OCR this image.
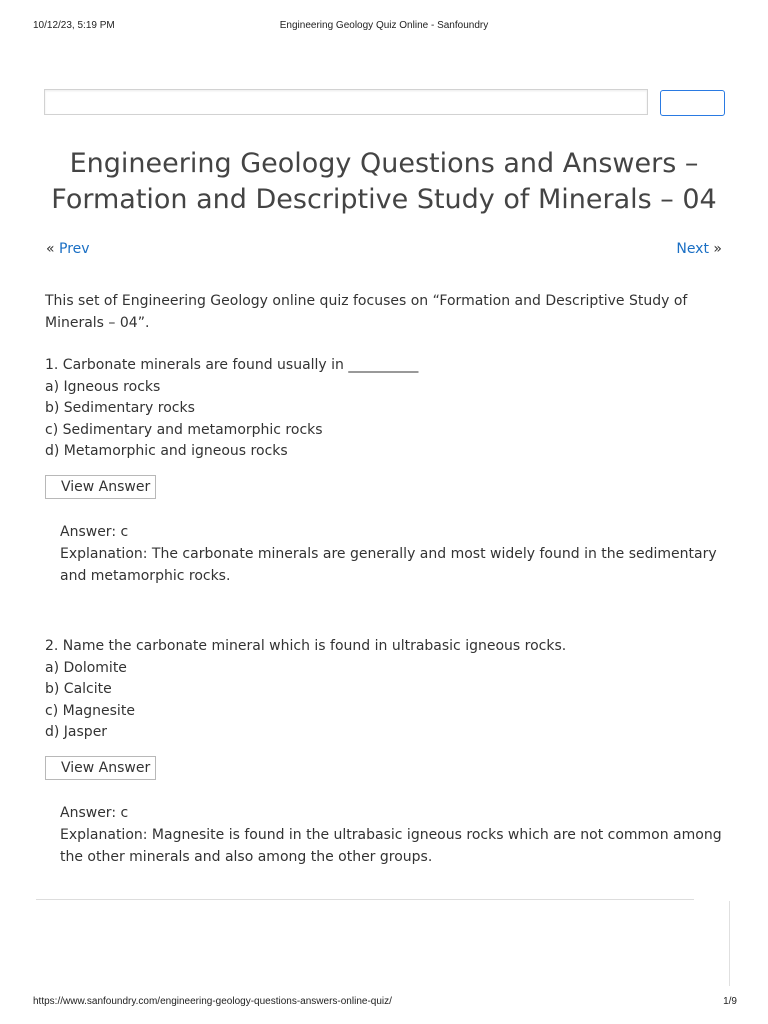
10/12/23, 5:19 PM	Engineering Geology Quiz Online - Sanfoundry
Engineering Geology Questions and Answers –
Formation and Descriptive Study of Minerals – 04
« Prev	Next »

This set of Engineering Geology online quiz focuses on “Formation and Descriptive Study of Minerals – 04”.

1. Carbonate minerals are found usually in __________

a) Igneous rocks

b) Sedimentary rocks

c) Sedimentary and metamorphic rocks

d) Metamorphic and igneous rocks

View Answer

Answer: c

Explanation: The carbonate minerals are generally and most widely found in the sedimentary and metamorphic rocks.

2. Name the carbonate mineral which is found in ultrabasic igneous rocks.

a) Dolomite

b) Calcite

c) Magnesite

d) Jasper

View Answer

Answer: c

Explanation: Magnesite is found in the ultrabasic igneous rocks which are not common among the other minerals and also among the other groups.

https://www.sanfoundry.com/engineering-geology-questions-answers-online-quiz/	1/9
